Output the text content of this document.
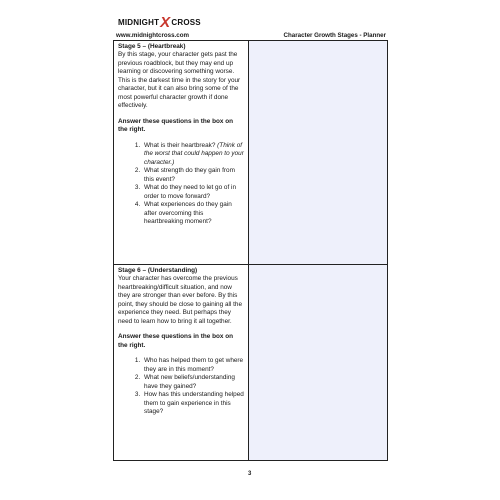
MIDNIGHT X CROSS
www.midnightcross.com	Character Growth Stages - Planner

Stage 5 – (Heartbreak)

By this stage, your character gets past the previous roadblock, but they may end up learning or discovering something worse. This is the darkest time in the story for your character, but it can also bring some of the most powerful character growth if done effectively.

Answer these questions in the box on the right.

1. What is their heartbreak? (Think of the worst that could happen to your character.)
2. What strength do they gain from this event?
3. What do they need to let go of in order to move forward?
4. What experiences do they gain after overcoming this heartbreaking moment?

Stage 6 – (Understanding)

Your character has overcome the previous heartbreaking/difficult situation, and now they are stronger than ever before. By this point, they should be close to gaining all the experience they need. But perhaps they need to learn how to bring it all together.

Answer these questions in the box on the right.

1. Who has helped them to get where they are in this moment?
2. What new beliefs/understanding have they gained?
3. How has this understanding helped them to gain experience in this stage?
3
